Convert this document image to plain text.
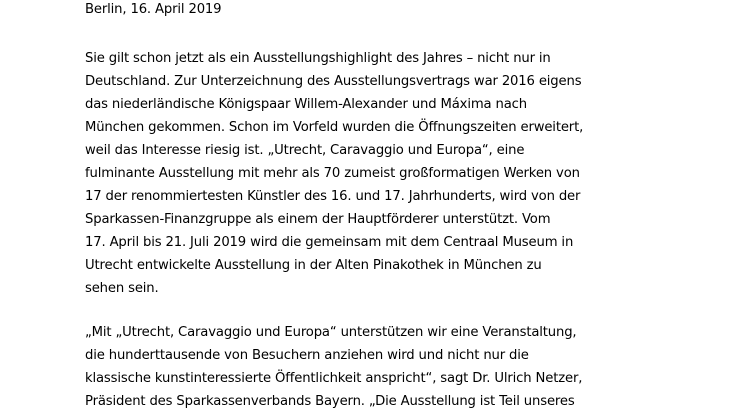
Berlin, 16. April 2019
Sie gilt schon jetzt als ein Ausstellungshighlight des Jahres – nicht nur in
Deutschland. Zur Unterzeichnung des Ausstellungsvertrags war 2016 eigens
das niederländische Königspaar Willem-Alexander und Máxima nach
München gekommen. Schon im Vorfeld wurden die Öffnungszeiten erweitert,
weil das Interesse riesig ist. „Utrecht, Caravaggio und Europa“, eine
fulminante Ausstellung mit mehr als 70 zumeist großformatigen Werken von
17 der renommiertesten Künstler des 16. und 17. Jahrhunderts, wird von der
Sparkassen-Finanzgruppe als einem der Hauptförderer unterstützt. Vom
17. April bis 21. Juli 2019 wird die gemeinsam mit dem Centraal Museum in
Utrecht entwickelte Ausstellung in der Alten Pinakothek in München zu
sehen sein.
„Mit „Utrecht, Caravaggio und Europa“ unterstützen wir eine Veranstaltung,
die hunderttausende von Besuchern anziehen wird und nicht nur die
klassische kunstinteressierte Öffentlichkeit anspricht“, sagt Dr. Ulrich Netzer,
Präsident des Sparkassenverbands Bayern. „Die Ausstellung ist Teil unseres
